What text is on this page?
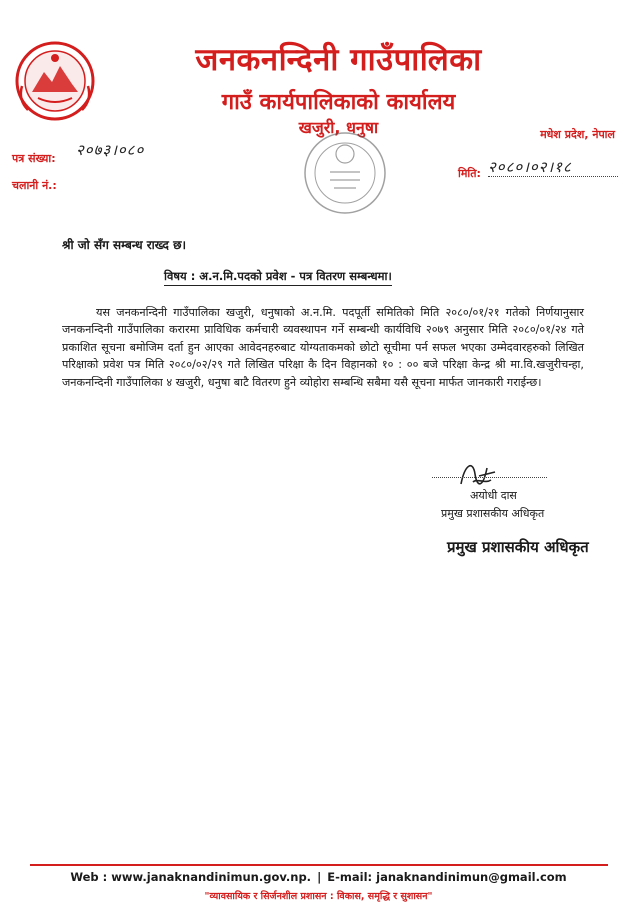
जनकनन्दिनी गाउँपालिका
गाउँ कार्यपालिकाको कार्यालय
खजुरी, धनुषा	मधेश प्रदेश, नेपाल
पत्र संख्या: २०७३।०८०
चलानी नं.:
मिति: २०८०।०२।१८
श्री जो सँग सम्बन्ध राख्द छ।
विषय : अ.न.मि.पदको प्रवेश - पत्र वितरण सम्बन्धमा।
यस जनकनन्दिनी गाउँपालिका खजुरी, धनुषाको अ.न.मि. पदपूर्ती समितिको मिति २०८०/०१/२१ गतेको निर्णयानुसार जनकनन्दिनी गाउँपालिका करारमा प्राविधिक कर्मचारी व्यवस्थापन गर्ने सम्बन्धी कार्यविधि २०७९ अनुसार मिति २०८०/०१/२४ गते प्रकाशित सूचना बमोजिम दर्ता हुन आएका आवेदनहरुबाट योग्यताकमको छोटो सूचीमा पर्न सफल भएका उम्मेदवारहरुको लिखित परिक्षाको प्रवेश पत्र मिति २०८०/०२/२९ गते लिखित परिक्षा कै दिन विहानको १० : ०० बजे परिक्षा केन्द्र श्री मा.वि.खजुरीचन्हा, जनकनन्दिनी गाउँपालिका ४ खजुरी, धनुषा बाटै वितरण हुने व्योहोरा सम्बन्धि सबैमा यसै सूचना मार्फत जानकारी गराईन्छ।
अयोधी दास
प्रमुख प्रशासकीय अधिकृत
प्रमुख प्रशासकीय अधिकृत
Web : www.janaknandinimun.gov.np. | E-mail: janaknandinimun@gmail.com
"व्यावसायिक र सिर्जनशील प्रशासन : विकास, समृद्धि र सुशासन"
